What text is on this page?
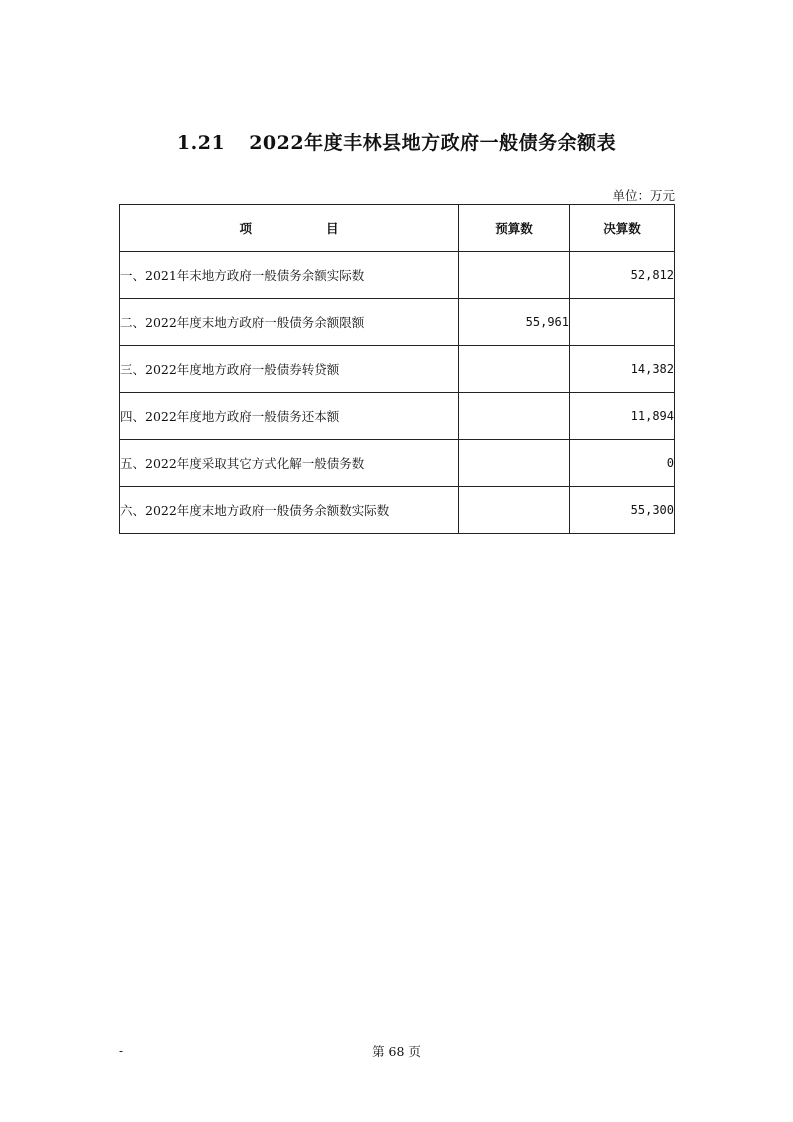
1.21 2022年度丰林县地方政府一般债务余额表
单位：万元
项 目	预算数	决算数
一、2021年末地方政府一般债务余额实际数		52,812
二、2022年度末地方政府一般债务余额限额	55,961	
三、2022年度地方政府一般债券转贷额		14,382
四、2022年度地方政府一般债务还本额		11,894
五、2022年度采取其它方式化解一般债务数		0
六、2022年度末地方政府一般债务余额数实际数		55,300
-	第 68 页
